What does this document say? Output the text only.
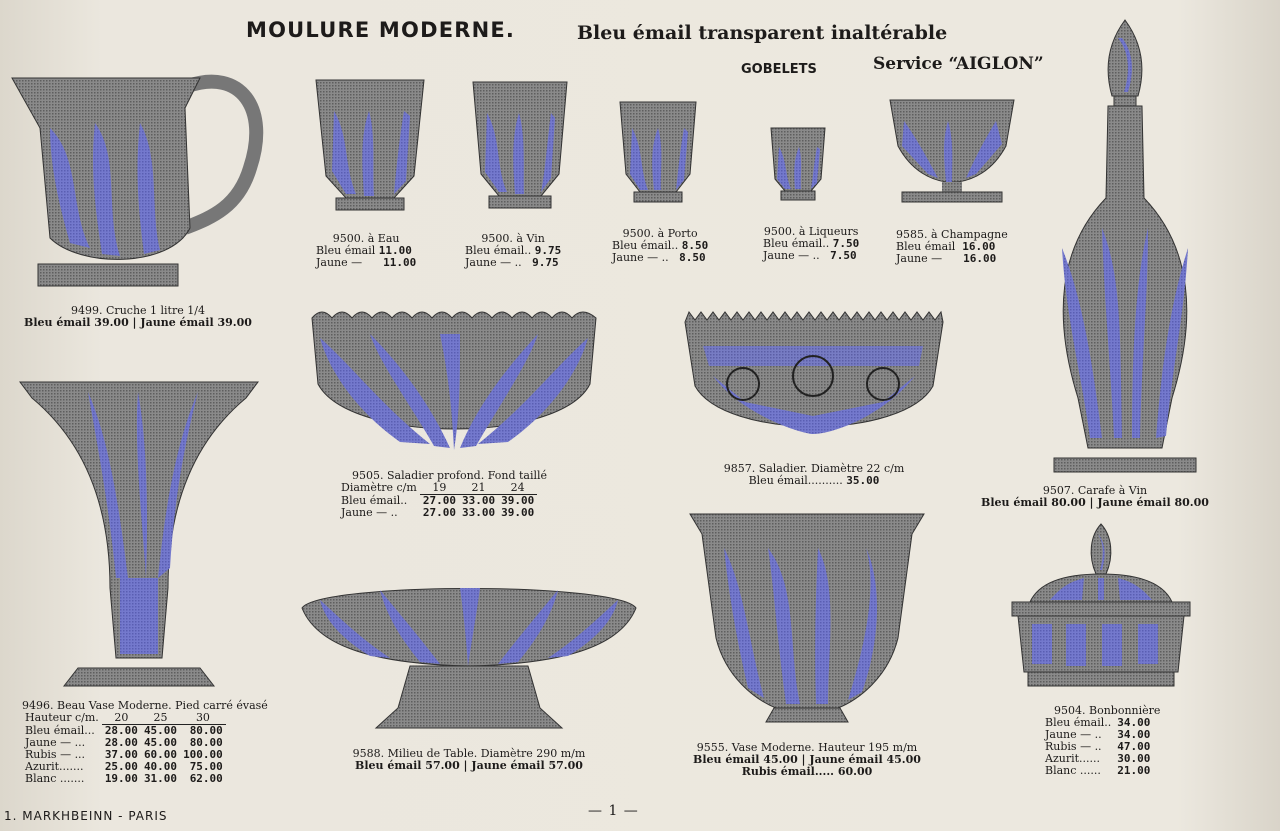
MOULURE MODERNE.	Bleu émail transparent inaltérable
GOBELETS	Service “AIGLON”
9499. Cruche 1 litre 1/4
Bleu émail 39.00 | Jaune émail 39.00
9500. à Eau
Bleu émail 11.00
Jaune — 11.00
9500. à Vin
Bleu émail.. 9.75
Jaune — .. 9.75
9500. à Porto
Bleu émail.. 8.50
Jaune — .. 8.50
9500. à Liqueurs
Bleu émail.. 7.50
Jaune — .. 7.50
9585. à Champagne
Bleu émail 16.00
Jaune — 16.00
9505. Saladier profond. Fond taillé
Diamètre c/m	19	21	24
Bleu émail..	27.00	33.00	39.00
Jaune — ..	27.00	33.00	39.00
9857. Saladier. Diamètre 22 c/m
Bleu émail.......... 35.00
9507. Carafe à Vin
Bleu émail 80.00 | Jaune émail 80.00
9496. Beau Vase Moderne. Pied carré évasé
Hauteur c/m.	20	25	30
Bleu émail...	28.00	45.00	80.00
Jaune — ...	28.00	45.00	80.00
Rubis — ...	37.00	60.00	100.00
Azurit.......	25.00	40.00	75.00
Blanc .......	19.00	31.00	62.00
9588. Milieu de Table. Diamètre 290 m/m
Bleu émail 57.00 | Jaune émail 57.00
9555. Vase Moderne. Hauteur 195 m/m
Bleu émail 45.00 | Jaune émail 45.00
Rubis émail..... 60.00
9504. Bonbonnière
Bleu émail..	34.00
Jaune — ..	34.00
Rubis — ..	47.00
Azurit......	30.00
Blanc ......	21.00
1. MARKHBEINN - PARIS	— 1 —
